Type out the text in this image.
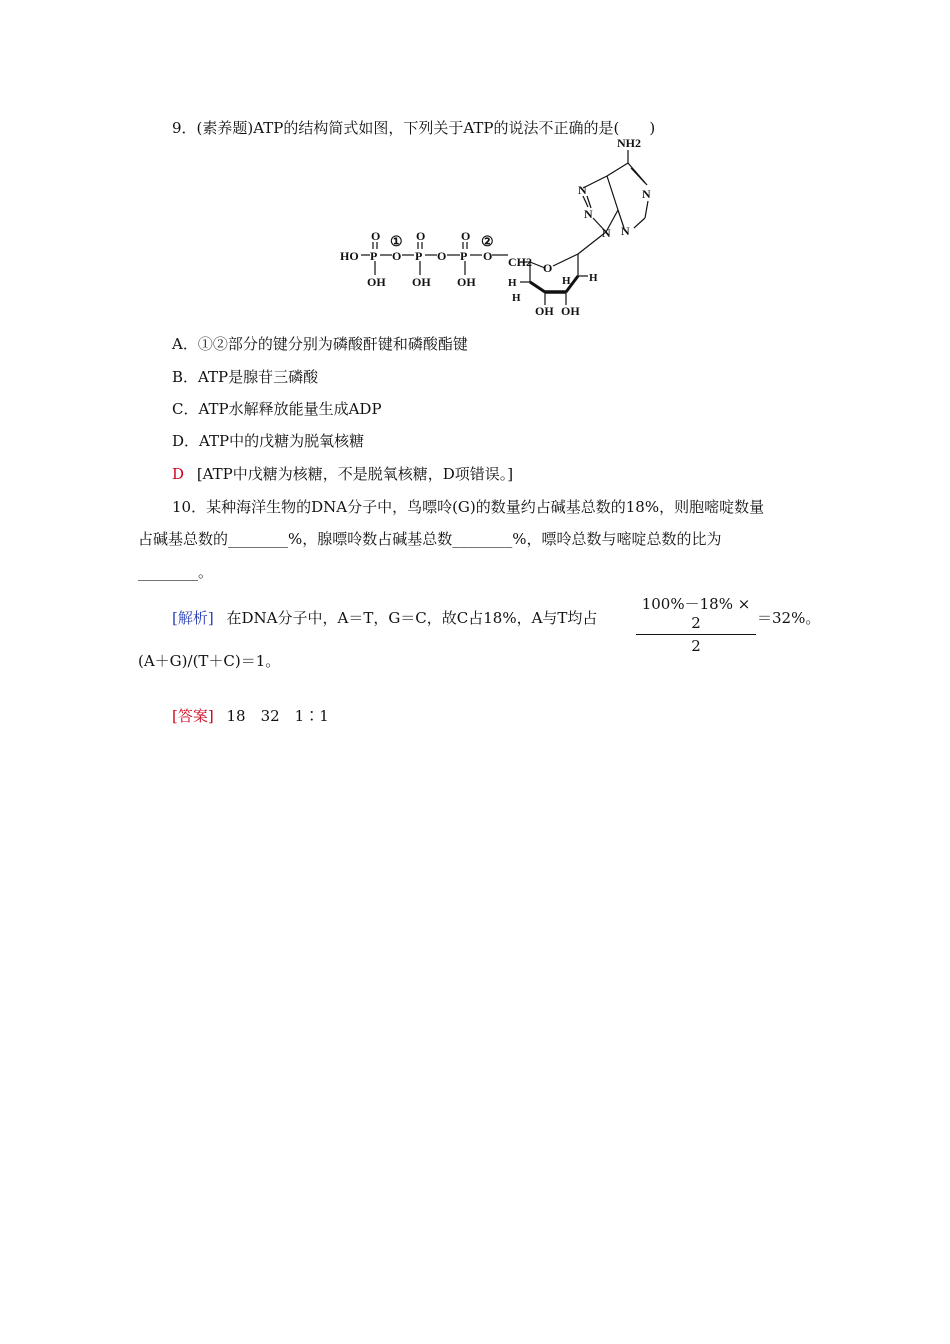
9．(素养题)ATP的结构简式如图，下列关于ATP的说法不正确的是(　　)
HO P
O
OH
O
①
P
O
OH
O P
O
OH
②
O CH2 O
H
H
H H
OH OH
N
N
N	N
N
NH2
A．①②部分的键分别为磷酸酐键和磷酸酯键
B．ATP是腺苷三磷酸
C．ATP水解释放能量生成ADP
D．ATP中的戊糖为脱氧核糖
D [ATP中戊糖为核糖，不是脱氧核糖，D项错误。]
10．某种海洋生物的DNA分子中，鸟嘌呤(G)的数量约占碱基总数的18%，则胞嘧啶数量
占碱基总数的________%，腺嘌呤数占碱基总数________%，嘌呤总数与嘧啶总数的比为
________。
[解析] 在DNA分子中，A＝T，G＝C，故C占18%，A与T均占	$\frac{100\%-18\% \times 2}{2} =32\%$。
(A＋G)/(T＋C)＝1。
[答案] 18　32　1∶1
